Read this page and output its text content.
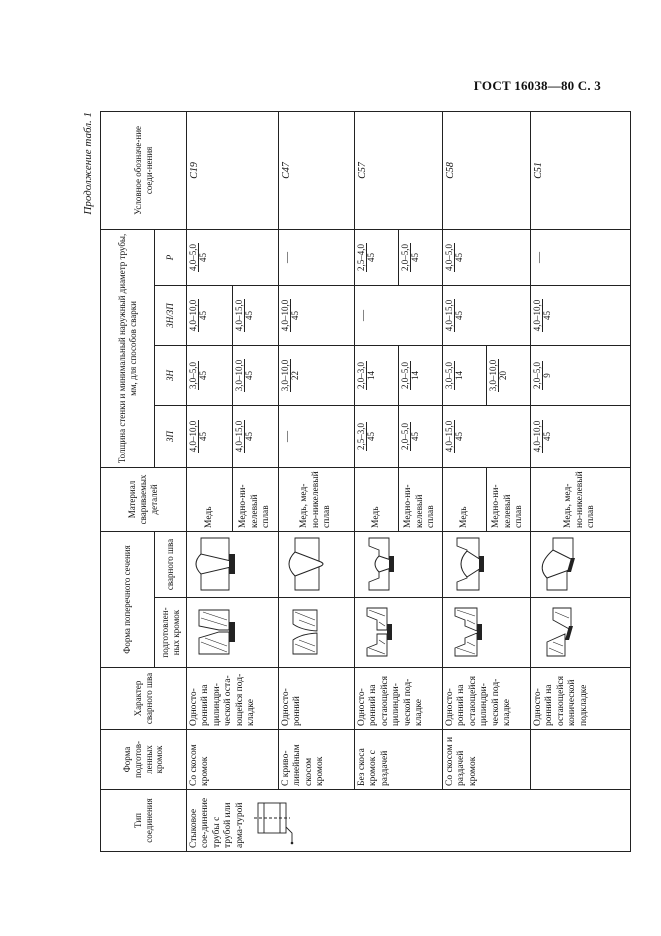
ГОСТ 16038—80 С. 3
Продолжение табл. 1
Тип соединения	Форма подготов-ленных кромок	Характер сварного шва	Форма поперечного сечения		Материал свариваемых деталей	Толщина стенки и минимальный наружный диаметр трубы, мм, для способов сварки				Условное обозначе-ние соеди-нения
			подготовлен-ных кромок	сварного шва		ЗП	ЗН	ЗН/ЗП	Р	

Стыковое сое-динение трубы с трубой или арма-турой	Со скосом кромок	Односто-ронний на цилиндри-ческой оста-ющейся под-кладке			Медь	4,0–10,0 45	3,0–5,0 45	4,0–10,0 45	4,0–5,0 45	С19
					Медно-ни-келевый сплав	4,0–15,0 45	3,0–10,0 45	4,0–15,0 45		

	С криво-линейным скосом кромок	Односто-ронний			Медь, мед-но-никелевый сплав	—	3,0–10,0 22	4,0–10,0 45	—	С47
	Без скоса кромок с раздачей	Односто-ронний на остающейся цилиндри-ческой под-кладке			Медь	2,5–3,0 45	2,0–3,0 14	—	2,5–4,0 45	С57
					Медно-ни-келевый сплав	2,0–5,0 45	2,0–5,0 14		2,0–5,0 45	

	Со скосом и раздачей кромок	Односто-ронний на остающейся цилиндри-ческой под-кладке			Медь	4,0–15,0 45	3,0–5,0 14	4,0–15,0 45	4,0–5,0 45	С58
					Медно-ни-келевый сплав		3,0–10,0 20			

		Односто-ронний на остающейся конической подкладке			Медь, мед-но-никелевый сплав	4,0–10,0 45	2,0–5,0 9	4,0–10,0 45	—	С51
